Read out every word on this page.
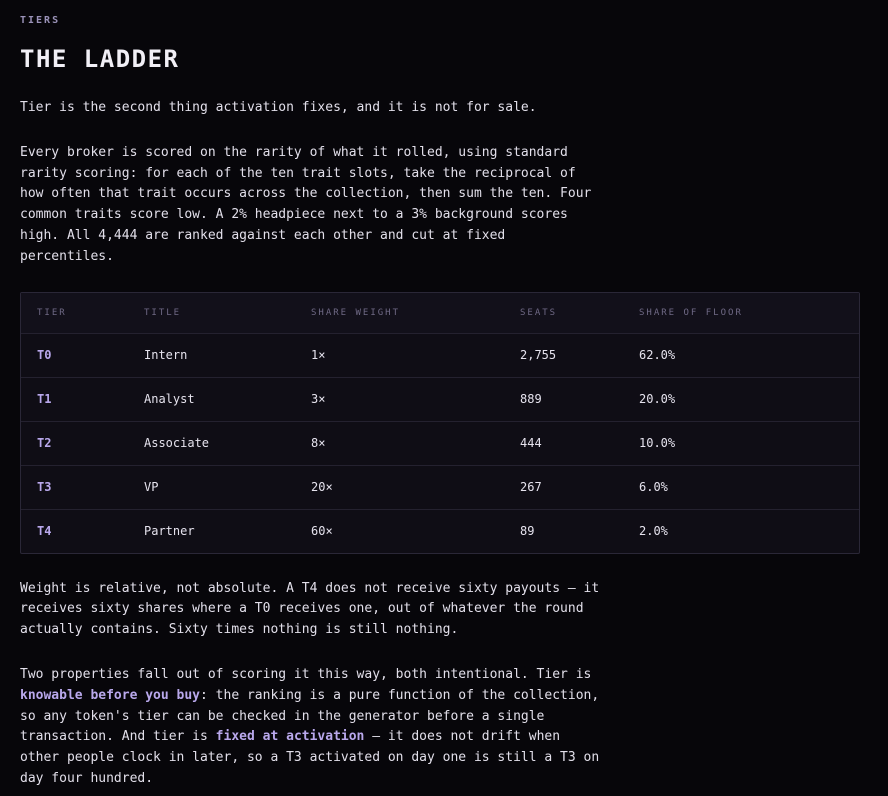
TIERS
THE LADDER

Tier is the second thing activation fixes, and it is not for sale.

Every broker is scored on the rarity of what it rolled, using standard rarity scoring: for each of the ten trait slots, take the reciprocal of how often that trait occurs across the collection, then sum the ten. Four common traits score low. A 2% headpiece next to a 3% background scores high. All 4,444 are ranked against each other and cut at fixed percentiles.

TIER	TITLE	SHARE WEIGHT	SEATS	SHARE OF FLOOR
T0	Intern	1×	2,755	62.0%
T1	Analyst	3×	889	20.0%
T2	Associate	8×	444	10.0%
T3	VP	20×	267	6.0%
T4	Partner	60×	89	2.0%

Weight is relative, not absolute. A T4 does not receive sixty payouts — it receives sixty shares where a T0 receives one, out of whatever the round actually contains. Sixty times nothing is still nothing.

Two properties fall out of scoring it this way, both intentional. Tier is knowable before you buy: the ranking is a pure function of the collection, so any token's tier can be checked in the generator before a single transaction. And tier is fixed at activation — it does not drift when other people clock in later, so a T3 activated on day one is still a T3 on day four hundred.
